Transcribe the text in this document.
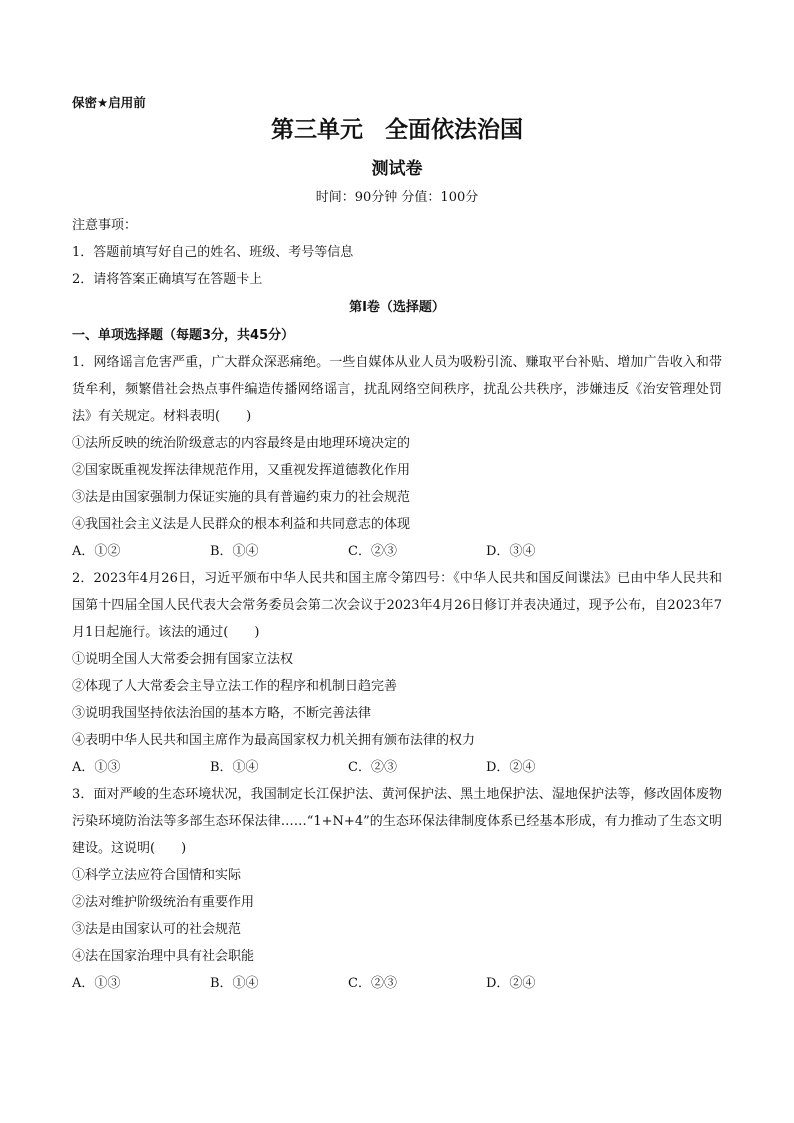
保密★启用前
第三单元 全面依法治国
测试卷
时间：90分钟 分值：100分
注意事项：
1．答题前填写好自己的姓名、班级、考号等信息
2．请将答案正确填写在答题卡上
第I卷（选择题）
一、单项选择题（每题3分，共45分）
1．网络谣言危害严重，广大群众深恶痛绝。一些自媒体从业人员为吸粉引流、赚取平台补贴、增加广告收入和带货牟利，频繁借社会热点事件编造传播网络谣言，扰乱网络空间秩序，扰乱公共秩序，涉嫌违反《治安管理处罚法》有关规定。材料表明(　　)
①法所反映的统治阶级意志的内容最终是由地理环境决定的
②国家既重视发挥法律规范作用，又重视发挥道德教化作用
③法是由国家强制力保证实施的具有普遍约束力的社会规范
④我国社会主义法是人民群众的根本利益和共同意志的体现
A．①②	B．①④	C．②③	D．③④
2．2023年4月26日，习近平颁布中华人民共和国主席令第四号：《中华人民共和国反间谍法》已由中华人民共和国第十四届全国人民代表大会常务委员会第二次会议于2023年4月26日修订并表决通过，现予公布，自2023年7月1日起施行。该法的通过(　　)
①说明全国人大常委会拥有国家立法权
②体现了人大常委会主导立法工作的程序和机制日趋完善
③说明我国坚持依法治国的基本方略，不断完善法律
④表明中华人民共和国主席作为最高国家权力机关拥有颁布法律的权力
A．①③	B．①④	C．②③	D．②④
3．面对严峻的生态环境状况，我国制定长江保护法、黄河保护法、黑土地保护法、湿地保护法等，修改固体废物污染环境防治法等多部生态环保法律……“1+N+4”的生态环保法律制度体系已经基本形成，有力推动了生态文明建设。这说明(　　)
①科学立法应符合国情和实际
②法对维护阶级统治有重要作用
③法是由国家认可的社会规范
④法在国家治理中具有社会职能
A．①③	B．①④	C．②③	D．②④
